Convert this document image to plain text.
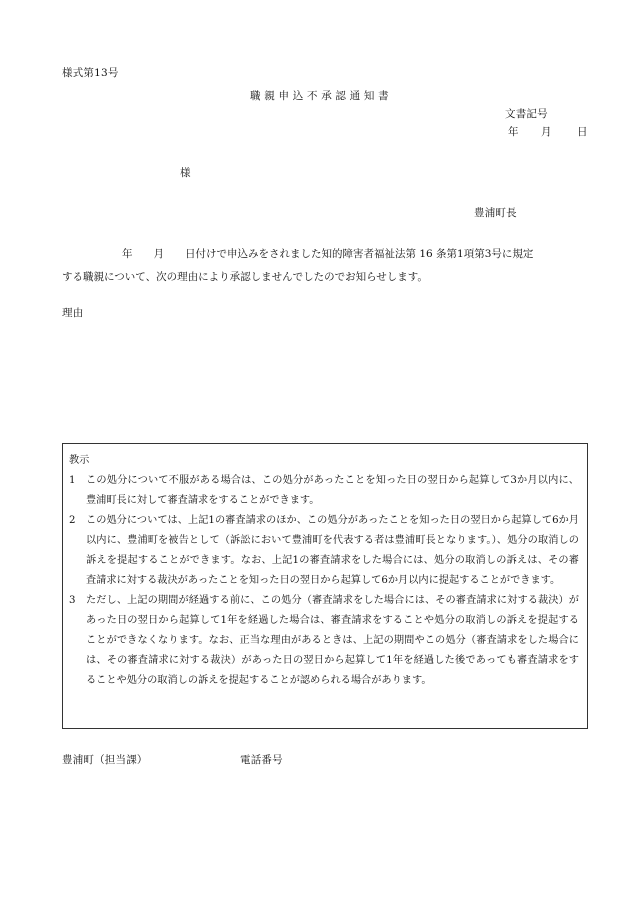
様式第13号
職 親 申 込 不 承 認 通 知 書
文書記号
年 月 日
様
豊浦町長
年　　月　　日付けで申込みをされました知的障害者福祉法第 16 条第1項第3号に規定
する職親について、次の理由により承認しませんでしたのでお知らせします。
理由
教示
1	この処分について不服がある場合は、この処分があったことを知った日の翌日から起算して3か月以内に、豊浦町長に対して審査請求をすることができます。
2	この処分については、上記1の審査請求のほか、この処分があったことを知った日の翌日から起算して6か月以内に、豊浦町を被告として（訴訟において豊浦町を代表する者は豊浦町長となります。）、処分の取消しの訴えを提起することができます。なお、上記1の審査請求をした場合には、処分の取消しの訴えは、その審査請求に対する裁決があったことを知った日の翌日から起算して6か月以内に提起することができます。
3	ただし、上記の期間が経過する前に、この処分（審査請求をした場合には、その審査請求に対する裁決）があった日の翌日から起算して1年を経過した場合は、審査請求をすることや処分の取消しの訴えを提起することができなくなります。なお、正当な理由があるときは、上記の期間やこの処分（審査請求をした場合には、その審査請求に対する裁決）があった日の翌日から起算して1年を経過した後であっても審査請求をすることや処分の取消しの訴えを提起することが認められる場合があります。
豊浦町（担当課）	電話番号
